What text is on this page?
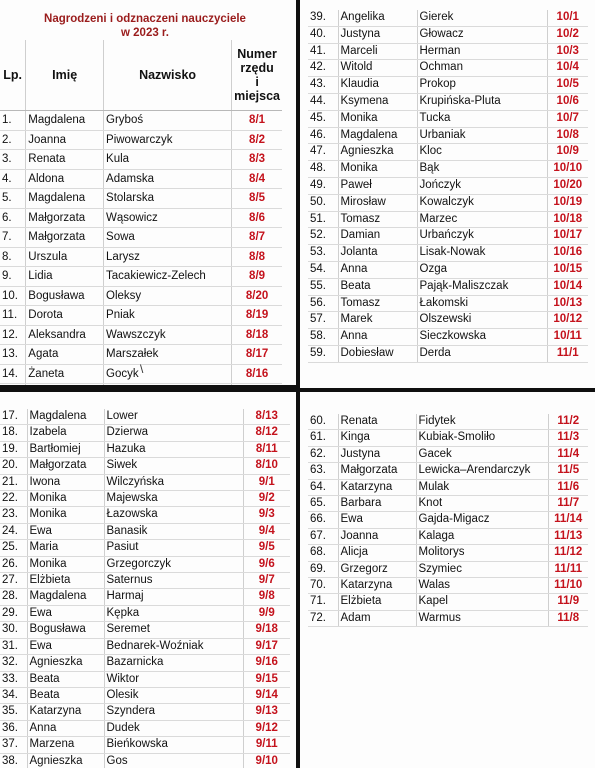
Nagrodzeni i odznaczeni nauczyciele
w 2023 r.
Lp.	Imię	Nazwisko	Numer
rzędu
i
miejsca

1.	Magdalena	Gryboś	8/1
2.	Joanna	Piwowarczyk	8/2
3.	Renata	Kula	8/3
4.	Aldona	Adamska	8/4
5.	Magdalena	Stolarska	8/5
6.	Małgorzata	Wąsowicz	8/6
7.	Małgorzata	Sowa	8/7
8.	Urszula	Larysz	8/8
9.	Lidia	Tacakiewicz-Zelech	8/9
10.	Bogusława	Oleksy	8/20
11.	Dorota	Pniak	8/19
12.	Aleksandra	Wawszczyk	8/18
13.	Agata	Marszałek	8/17
14.	Żaneta	Gocyk	8/16

\
39.	Angelika	Gierek	10/1
40.	Justyna	Głowacz	10/2
41.	Marceli	Herman	10/3
42.	Witold	Ochman	10/4
43.	Klaudia	Prokop	10/5
44.	Ksymena	Krupińska-Pluta	10/6
45.	Monika	Tucka	10/7
46.	Magdalena	Urbaniak	10/8
47.	Agnieszka	Kloc	10/9
48.	Monika	Bąk	10/10
49.	Paweł	Jończyk	10/20
50.	Mirosław	Kowalczyk	10/19
51.	Tomasz	Marzec	10/18
52.	Damian	Urbańczyk	10/17
53.	Jolanta	Lisak-Nowak	10/16
54.	Anna	Ozga	10/15
55.	Beata	Pająk-Maliszczak	10/14
56.	Tomasz	Łakomski	10/13
57.	Marek	Olszewski	10/12
58.	Anna	Sieczkowska	10/11
59.	Dobiesław	Derda	11/1
17.	Magdalena	Lower	8/13
18.	Izabela	Dzierwa	8/12
19.	Bartłomiej	Hazuka	8/11
20.	Małgorzata	Siwek	8/10
21.	Iwona	Wilczyńska	9/1
22.	Monika	Majewska	9/2
23.	Monika	Łazowska	9/3
24.	Ewa	Banasik	9/4
25.	Maria	Pasiut	9/5
26.	Monika	Grzegorczyk	9/6
27.	Elżbieta	Saternus	9/7
28.	Magdalena	Harmaj	9/8
29.	Ewa	Kępka	9/9
30.	Bogusława	Seremet	9/18
31.	Ewa	Bednarek-Woźniak	9/17
32.	Agnieszka	Bazarnicka	9/16
33.	Beata	Wiktor	9/15
34.	Beata	Olesik	9/14
35.	Katarzyna	Szyndera	9/13
36.	Anna	Dudek	9/12
37.	Marzena	Bieńkowska	9/11
38.	Agnieszka	Gos	9/10
60.	Renata	Fidytek	11/2
61.	Kinga	Kubiak-Smoliło	11/3
62.	Justyna	Gacek	11/4
63.	Małgorzata	Lewicka–Arendarczyk	11/5
64.	Katarzyna	Mulak	11/6
65.	Barbara	Knot	11/7
66.	Ewa	Gajda-Migacz	11/14
67.	Joanna	Kalaga	11/13
68.	Alicja	Molitorys	11/12
69.	Grzegorz	Szymiec	11/11
70.	Katarzyna	Walas	11/10
71.	Elżbieta	Kapel	11/9
72.	Adam	Warmus	11/8
